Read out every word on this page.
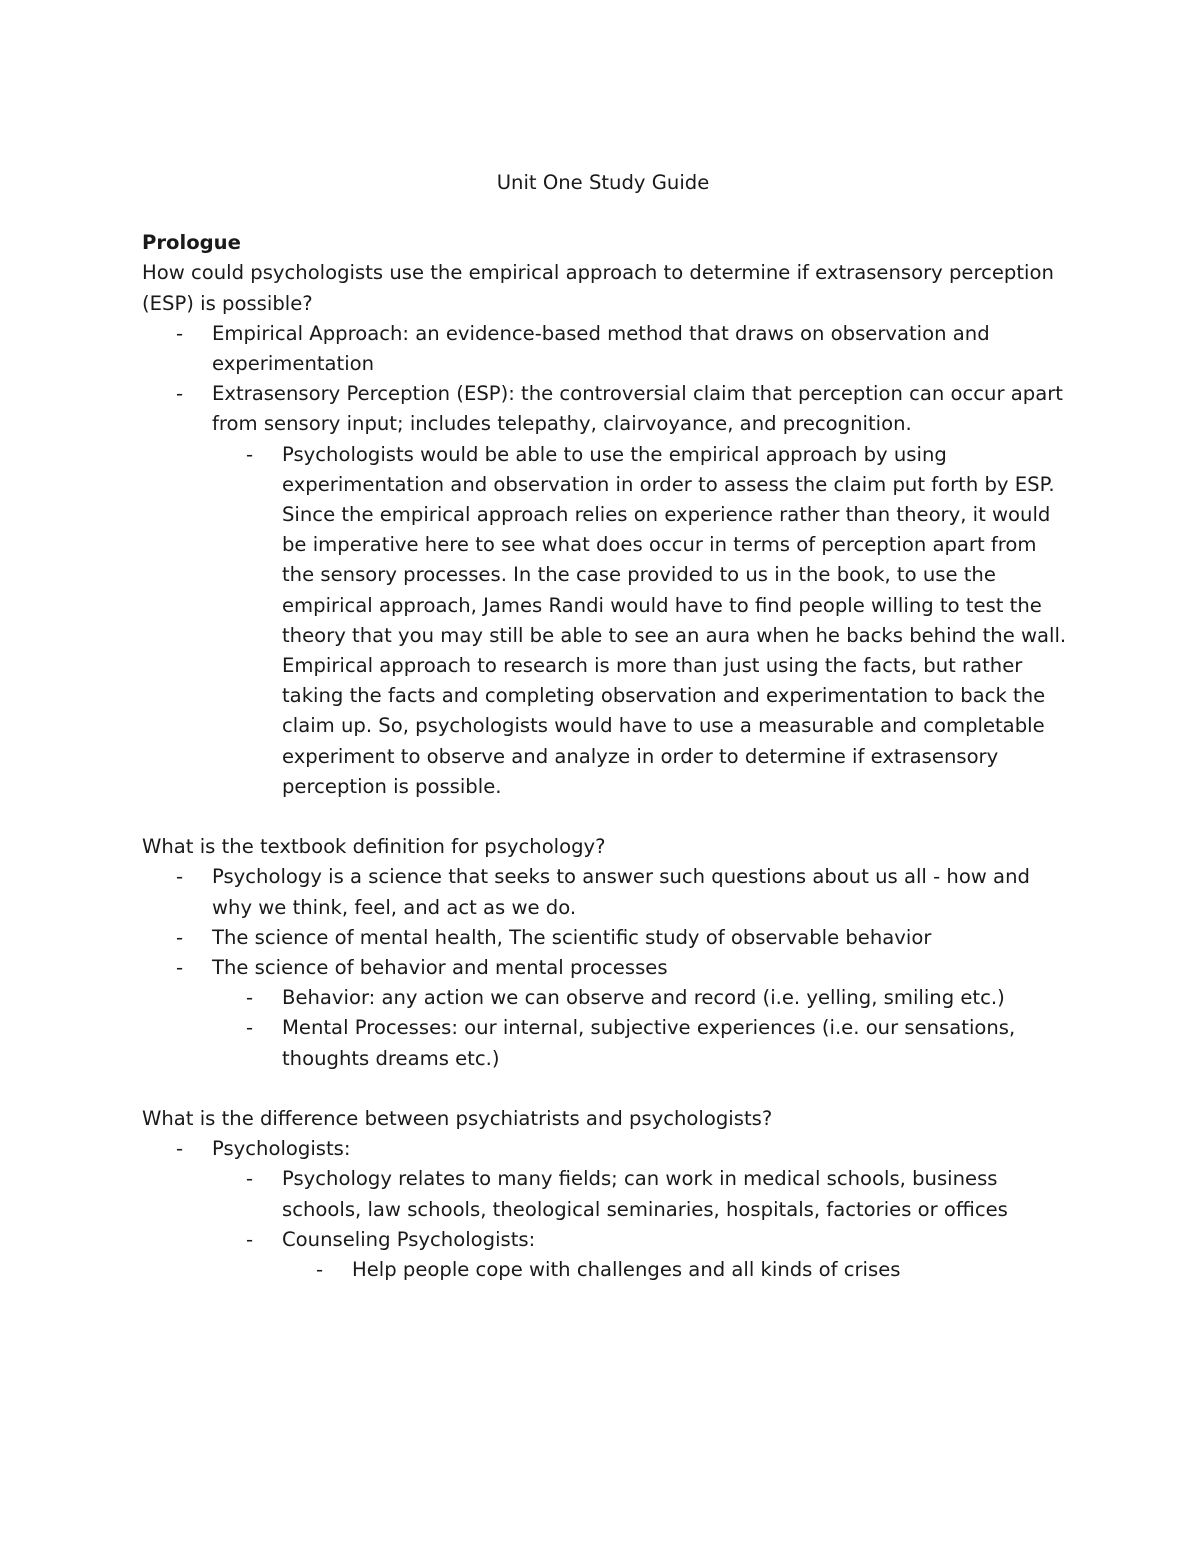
Unit One Study Guide
Prologue
How could psychologists use the empirical approach to determine if extrasensory perception (ESP) is possible?
- Empirical Approach: an evidence-based method that draws on observation and experimentation
- Extrasensory Perception (ESP): the controversial claim that perception can occur apart from sensory input; includes telepathy, clairvoyance, and precognition.
- Psychologists would be able to use the empirical approach by using experimentation and observation in order to assess the claim put forth by ESP. Since the empirical approach relies on experience rather than theory, it would be imperative here to see what does occur in terms of perception apart from the sensory processes. In the case provided to us in the book, to use the empirical approach, James Randi would have to find people willing to test the theory that you may still be able to see an aura when he backs behind the wall. Empirical approach to research is more than just using the facts, but rather taking the facts and completing observation and experimentation to back the claim up. So, psychologists would have to use a measurable and completable experiment to observe and analyze in order to determine if extrasensory perception is possible.
What is the textbook definition for psychology?
- Psychology is a science that seeks to answer such questions about us all - how and why we think, feel, and act as we do.
- The science of mental health, The scientific study of observable behavior
- The science of behavior and mental processes
- Behavior: any action we can observe and record (i.e. yelling, smiling etc.)
- Mental Processes: our internal, subjective experiences (i.e. our sensations, thoughts dreams etc.)
What is the difference between psychiatrists and psychologists?
- Psychologists:
- Psychology relates to many fields; can work in medical schools, business schools, law schools, theological seminaries, hospitals, factories or offices
- Counseling Psychologists:
- Help people cope with challenges and all kinds of crises
